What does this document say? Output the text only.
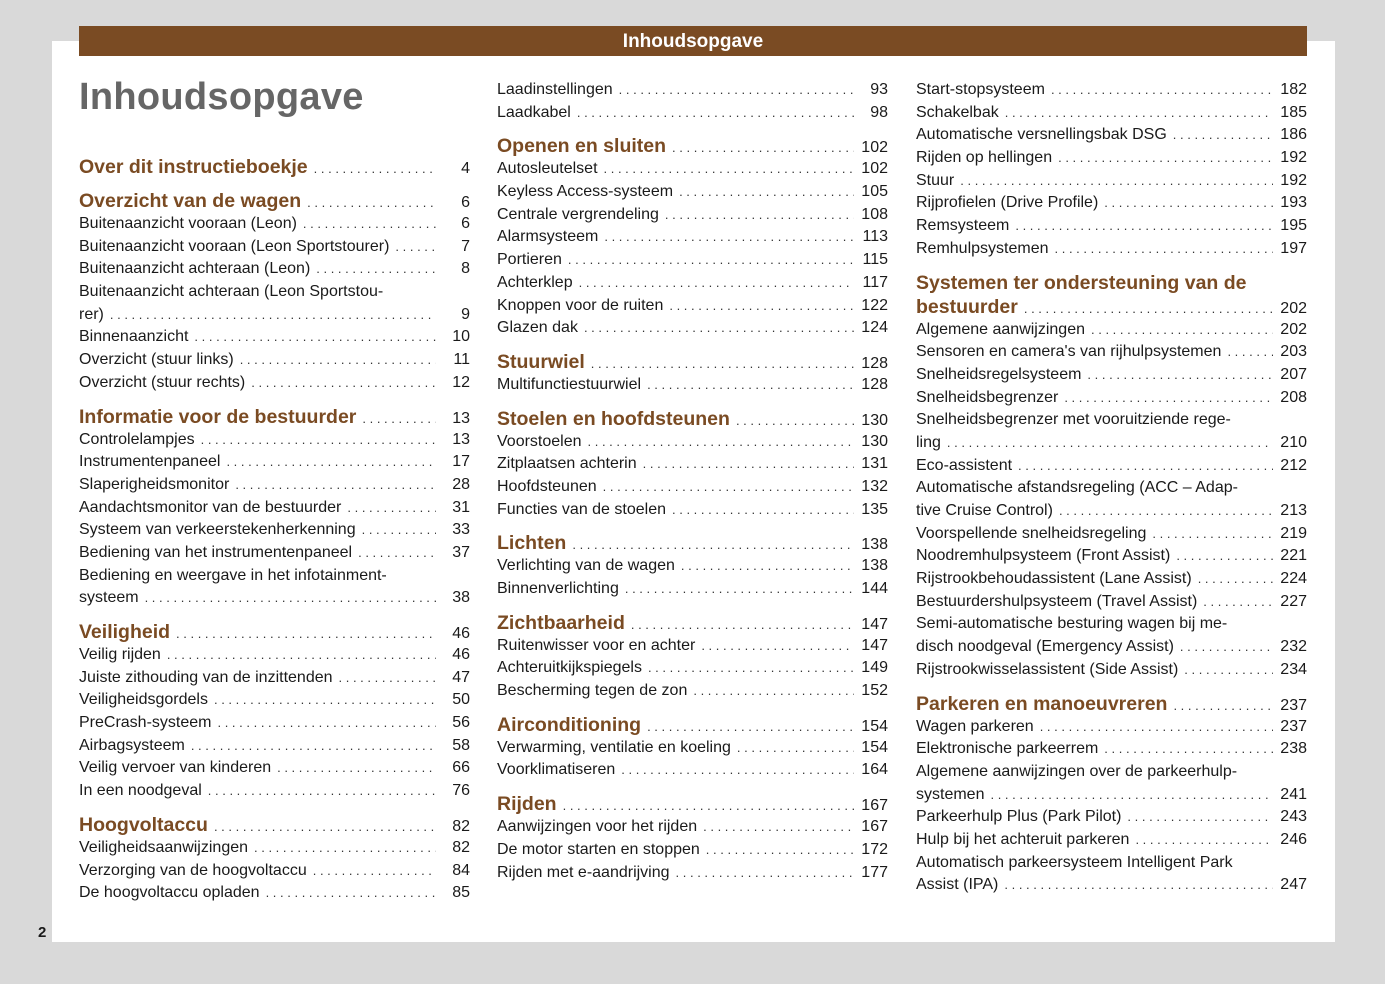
Inhoudsopgave
Inhoudsopgave
2
Over dit instructieboekje . . .	4
Overzicht van de wagen . . .	6
Buitenaanzicht vooraan (Leon) . . .	6
Buitenaanzicht vooraan (Leon Sportstourer) . . .	7
Buitenaanzicht achteraan (Leon) . . .	8
Buitenaanzicht achteraan (Leon Sportstou-
rer) . . .	9
Binnenaanzicht . . .	10
Overzicht (stuur links) . . .	11
Overzicht (stuur rechts) . . .	12
Informatie voor de bestuurder . . .	13
Controlelampjes . . .	13
Instrumentenpaneel . . .	17
Slaperigheidsmonitor . . .	28
Aandachtsmonitor van de bestuurder . . .	31
Systeem van verkeerstekenherkenning . . .	33
Bediening van het instrumentenpaneel . . .	37
Bediening en weergave in het infotainment-
systeem . . .	38
Veiligheid . . .	46
Veilig rijden . . .	46
Juiste zithouding van de inzittenden . . .	47
Veiligheidsgordels . . .	50
PreCrash-systeem . . .	56
Airbagsysteem . . .	58
Veilig vervoer van kinderen . . .	66
In een noodgeval . . .	76
Hoogvoltaccu . . .	82
Veiligheidsaanwijzingen . . .	82
Verzorging van de hoogvoltaccu . . .	84
De hoogvoltaccu opladen . . .	85
Laadinstellingen . . .	93
Laadkabel . . .	98
Openen en sluiten . . .	102
Autosleutelset . . .	102
Keyless Access-systeem . . .	105
Centrale vergrendeling . . .	108
Alarmsysteem . . .	113
Portieren . . .	115
Achterklep . . .	117
Knoppen voor de ruiten . . .	122
Glazen dak . . .	124
Stuurwiel . . .	128
Multifunctiestuurwiel . . .	128
Stoelen en hoofdsteunen . . .	130
Voorstoelen . . .	130
Zitplaatsen achterin . . .	131
Hoofdsteunen . . .	132
Functies van de stoelen . . .	135
Lichten . . .	138
Verlichting van de wagen . . .	138
Binnenverlichting . . .	144
Zichtbaarheid . . .	147
Ruitenwisser voor en achter . . .	147
Achteruitkijkspiegels . . .	149
Bescherming tegen de zon . . .	152
Airconditioning . . .	154
Verwarming, ventilatie en koeling . . .	154
Voorklimatiseren . . .	164
Rijden . . .	167
Aanwijzingen voor het rijden . . .	167
De motor starten en stoppen . . .	172
Rijden met e-aandrijving . . .	177
Start-stopsysteem . . .	182
Schakelbak . . .	185
Automatische versnellingsbak DSG . . .	186
Rijden op hellingen . . .	192
Stuur . . .	192
Rijprofielen (Drive Profile) . . .	193
Remsysteem . . .	195
Remhulpsystemen . . .	197
Systemen ter ondersteuning van de
bestuurder . . .	202
Algemene aanwijzingen . . .	202
Sensoren en camera's van rijhulpsystemen . . .	203
Snelheidsregelsysteem . . .	207
Snelheidsbegrenzer . . .	208
Snelheidsbegrenzer met vooruitziende rege-
ling . . .	210
Eco-assistent . . .	212
Automatische afstandsregeling (ACC – Adap-
tive Cruise Control) . . .	213
Voorspellende snelheidsregeling . . .	219
Noodremhulpsysteem (Front Assist) . . .	221
Rijstrookbehoudassistent (Lane Assist) . . .	224
Bestuurdershulpsysteem (Travel Assist) . . .	227
Semi-automatische besturing wagen bij me-
disch noodgeval (Emergency Assist) . . .	232
Rijstrookwisselassistent (Side Assist) . . .	234
Parkeren en manoeuvreren . . .	237
Wagen parkeren . . .	237
Elektronische parkeerrem . . .	238
Algemene aanwijzingen over de parkeerhulp-
systemen . . .	241
Parkeerhulp Plus (Park Pilot) . . .	243
Hulp bij het achteruit parkeren . . .	246
Automatisch parkeersysteem Intelligent Park
Assist (IPA) . . .	247
